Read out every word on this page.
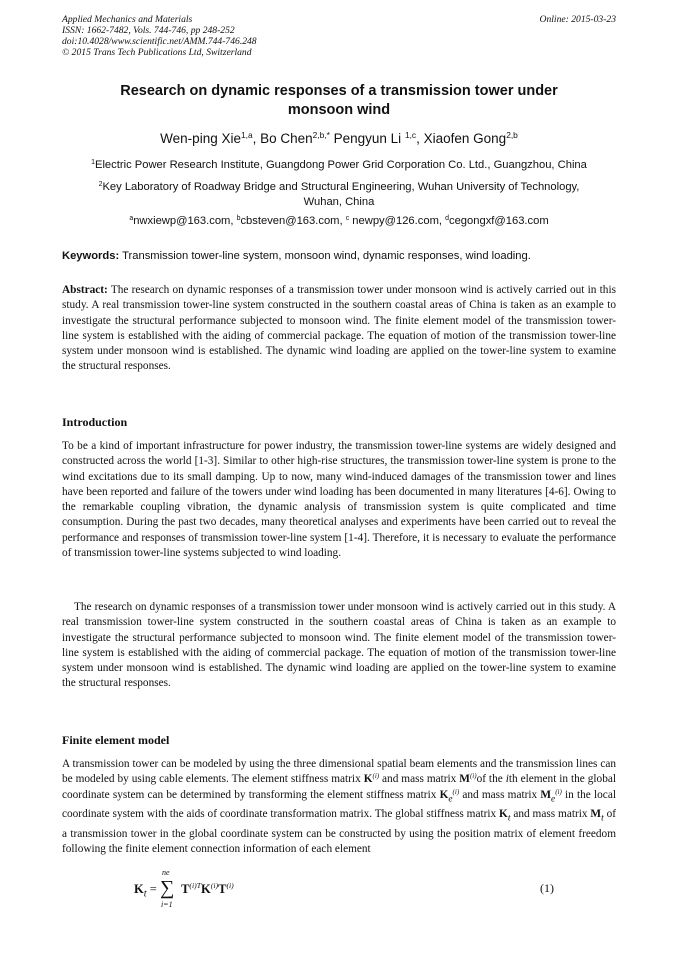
Applied Mechanics and Materials
ISSN: 1662-7482, Vols. 744-746, pp 248-252
doi:10.4028/www.scientific.net/AMM.744-746.248
© 2015 Trans Tech Publications Ltd, Switzerland
Online: 2015-03-23
Research on dynamic responses of a transmission tower under
monsoon wind
Wen-ping Xie$^{1,a}$, Bo Chen$^{2,b,*}$ Pengyun Li $^{1,c}$, Xiaofen Gong$^{2,b}$
$^1$Electric Power Research Institute, Guangdong Power Grid Corporation Co. Ltd., Guangzhou, China
$^2$Key Laboratory of Roadway Bridge and Structural Engineering, Wuhan University of Technology,
Wuhan, China
$^a$nwxiewp@163.com, $^b$cbsteven@163.com, $^c$ newpy@126.com, $^d$cegongxf@163.com
Keywords: Transmission tower-line system, monsoon wind, dynamic responses, wind loading.
Abstract: The research on dynamic responses of a transmission tower under monsoon wind is actively carried out in this study. A real transmission tower-line system constructed in the southern coastal areas of China is taken as an example to investigate the structural performance subjected to monsoon wind. The finite element model of the transmission tower-line system is established with the aiding of commercial package. The equation of motion of the transmission tower-line system under monsoon wind is established. The dynamic wind loading are applied on the tower-line system to examine the structural responses.
Introduction
To be a kind of important infrastructure for power industry, the transmission tower-line systems are widely designed and constructed across the world [1-3]. Similar to other high-rise structures, the transmission tower-line system is prone to the wind excitations due to its small damping. Up to now, many wind-induced damages of the transmission tower and lines have been reported and failure of the towers under wind loading has been documented in many literatures [4-6]. Owing to the remarkable coupling vibration, the dynamic analysis of transmission system is quite complicated and time consumption. During the past two decades, many theoretical analyses and experiments have been carried out to reveal the performance and responses of transmission tower-line system [1-4]. Therefore, it is necessary to evaluate the performance of transmission tower-line systems subjected to wind loading.
The research on dynamic responses of a transmission tower under monsoon wind is actively carried out in this study. A real transmission tower-line system constructed in the southern coastal areas of China is taken as an example to investigate the structural performance subjected to monsoon wind. The finite element model of the transmission tower-line system is established with the aiding of commercial package. The equation of motion of the transmission tower-line system under monsoon wind is established. The dynamic wind loading are applied on the tower-line system to examine the structural responses.
Finite element model
A transmission tower can be modeled by using the three dimensional spatial beam elements and the transmission lines can be modeled by using cable elements. The element stiffness matrix $K^{(i)}$ and mass matrix $M^{(i)}of$ the ith element in the global coordinate system can be determined by transforming the element stiffness matrix $K_e^{(i)}$ and mass matrix $M_e^{(i)}$ in the local coordinate system with the aids of coordinate transformation matrix. The global stiffness matrix $K_t$ and mass matrix $M_t$ of a transmission tower in the global coordinate system can be constructed by using the position matrix of element freedom following the finite element connection information of each element
$K_t$ =
ne
∑
i=1
$T^{(i)T}K^{(i)}T^{(i)}$	(1)
